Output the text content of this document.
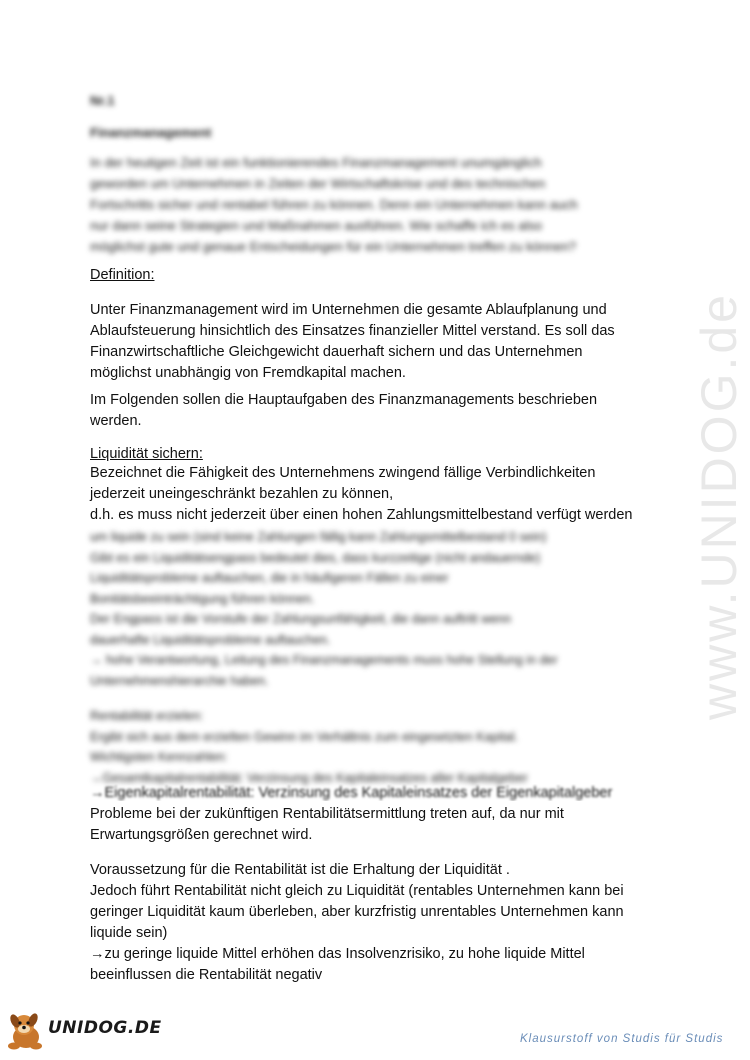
www.UNIDOG.de

Nr.1

Finanzmanagement

In der heutigen Zeit ist ein funktionierendes Finanzmanagement unumgänglich
geworden um Unternehmen in Zeiten der Wirtschaftskrise und des technischen
Fortschritts sicher und rentabel führen zu können. Denn ein Unternehmen kann auch
nur dann seine Strategien und Maßnahmen ausführen. Wie schaffe ich es also
möglichst gute und genaue Entscheidungen für ein Unternehmen treffen zu können?

Definition:

Unter Finanzmanagement wird im Unternehmen die gesamte Ablaufplanung und
Ablaufsteuerung hinsichtlich des Einsatzes finanzieller Mittel verstand. Es soll das
Finanzwirtschaftliche Gleichgewicht dauerhaft sichern und das Unternehmen
möglichst unabhängig von Fremdkapital machen.
Im Folgenden sollen die Hauptaufgaben des Finanzmanagements beschrieben
werden.

Liquidität sichern:

Bezeichnet die Fähigkeit des Unternehmens zwingend fällige Verbindlichkeiten
jederzeit uneingeschränkt bezahlen zu können,
d.h. es muss nicht jederzeit über einen hohen Zahlungsmittelbestand verfügt werden
um liquide zu sein (sind keine Zahlungen fällig kann Zahlungsmittelbestand 0 sein)
Gibt es ein Liquiditätsengpass bedeutet dies, dass kurzzeitige (nicht andauernde)
Liquiditätsprobleme auftauchen, die in häufigeren Fällen zu einer
Bonitätsbeeinträchtigung führen können.
Der Engpass ist die Vorstufe der Zahlungsunfähigkeit, die dann auftritt wenn
dauerhafte Liquiditätsprobleme auftauchen.
→ hohe Verantwortung, Leitung des Finanzmanagements muss hohe Stellung in der
Unternehmenshierarchie haben.
Rentabilität erzielen:
Ergibt sich aus dem erzielten Gewinn im Verhältnis zum eingesetzten Kapital.
Wichtigsten Kennzahlen:
→Gesamtkapitalrentabilität: Verzinsung des Kapitaleinsatzes aller Kapitalgeber
→Eigenkapitalrentabilität: Verzinsung des Kapitaleinsatzes der Eigenkapitalgeber
Probleme bei der zukünftigen Rentabilitätsermittlung treten auf, da nur mit
Erwartungsgrößen gerechnet wird.
Voraussetzung für die Rentabilität ist die Erhaltung der Liquidität .
Jedoch führt Rentabilität nicht gleich zu Liquidität (rentables Unternehmen kann bei
geringer Liquidität kaum überleben, aber kurzfristig unrentables Unternehmen kann
liquide sein)
→zu geringe liquide Mittel erhöhen das Insolvenzrisiko, zu hohe liquide Mittel
beeinflussen die Rentabilität negativ
UNIDOG.DE
Klausurstoff von Studis für Studis
